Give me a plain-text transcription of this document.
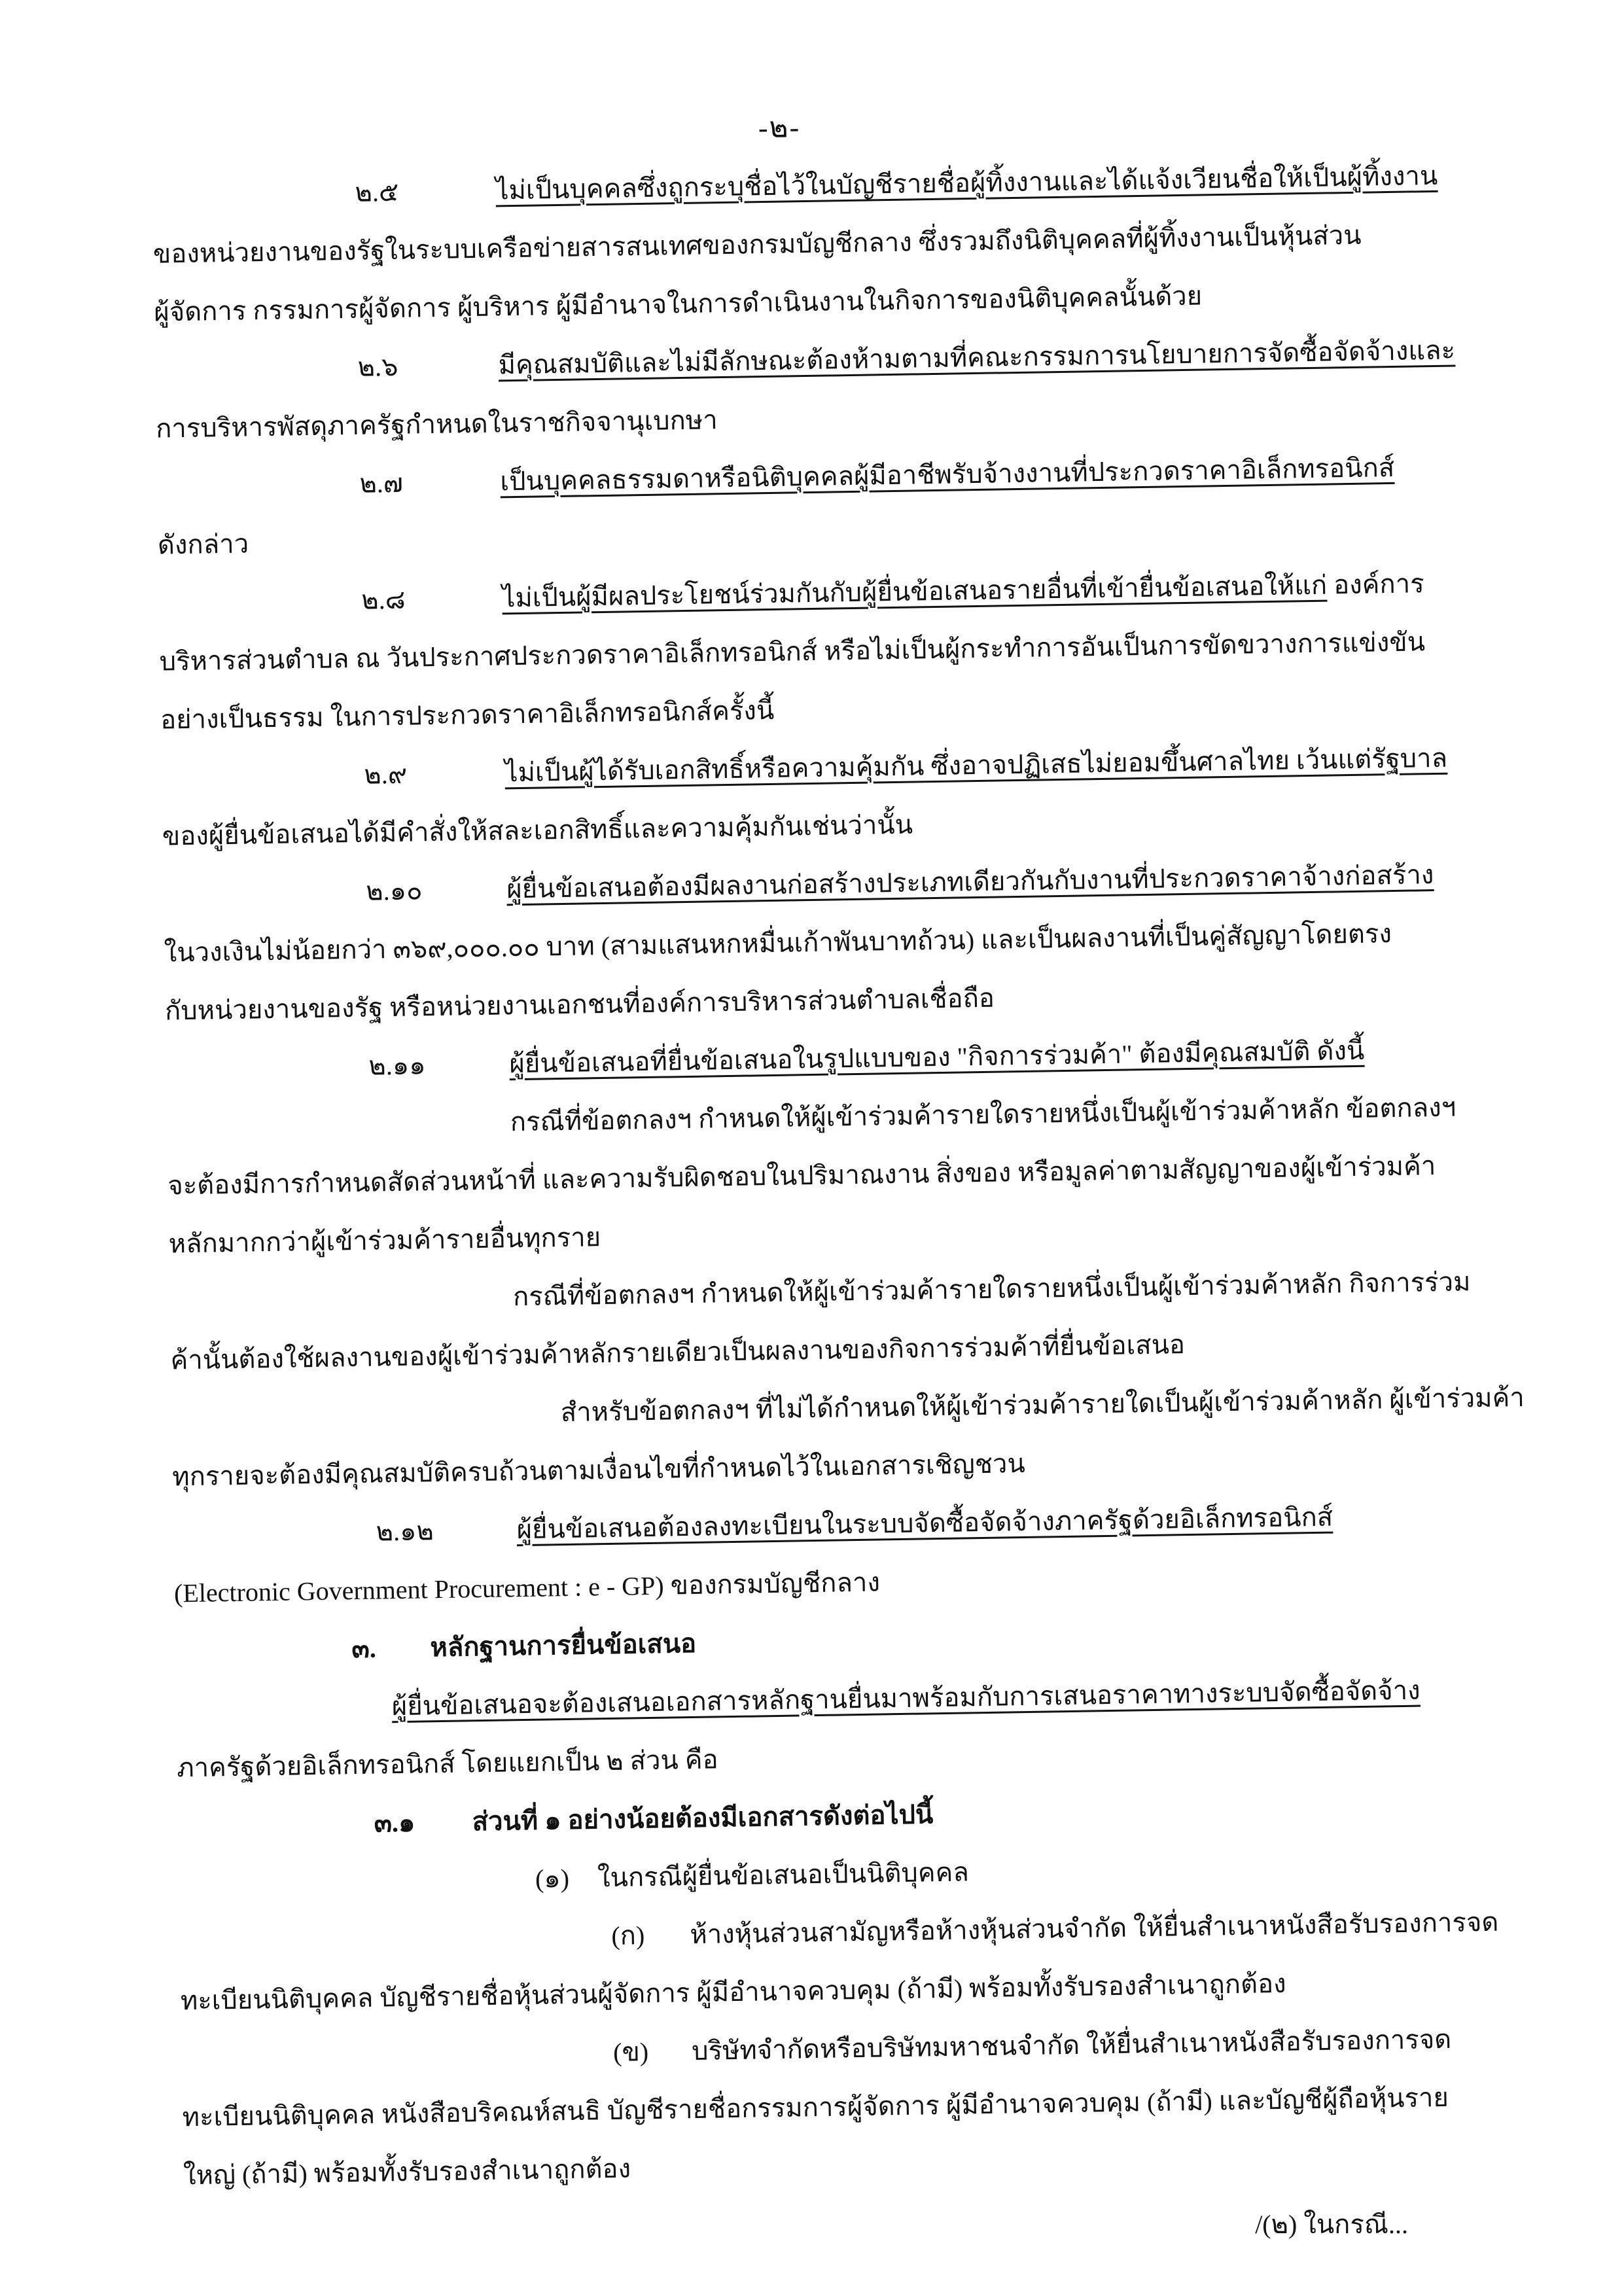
-๒-
๒.๕	ไม่เป็นบุคคลซึ่งถูกระบุชื่อไว้ในบัญชีรายชื่อผู้ทิ้งงานและได้แจ้งเวียนชื่อให้เป็นผู้ทิ้งงาน
ของหน่วยงานของรัฐในระบบเครือข่ายสารสนเทศของกรมบัญชีกลาง ซึ่งรวมถึงนิติบุคคลที่ผู้ทิ้งงานเป็นหุ้นส่วน
ผู้จัดการ กรรมการผู้จัดการ ผู้บริหาร ผู้มีอำนาจในการดำเนินงานในกิจการของนิติบุคคลนั้นด้วย
๒.๖	มีคุณสมบัติและไม่มีลักษณะต้องห้ามตามที่คณะกรรมการนโยบายการจัดซื้อจัดจ้างและ
การบริหารพัสดุภาครัฐกำหนดในราชกิจจานุเบกษา
๒.๗	เป็นบุคคลธรรมดาหรือนิติบุคคลผู้มีอาชีพรับจ้างงานที่ประกวดราคาอิเล็กทรอนิกส์
ดังกล่าว
๒.๘	ไม่เป็นผู้มีผลประโยชน์ร่วมกันกับผู้ยื่นข้อเสนอรายอื่นที่เข้ายื่นข้อเสนอให้แก่ องค์การ
บริหารส่วนตำบล ณ วันประกาศประกวดราคาอิเล็กทรอนิกส์ หรือไม่เป็นผู้กระทำการอันเป็นการขัดขวางการแข่งขัน
อย่างเป็นธรรม ในการประกวดราคาอิเล็กทรอนิกส์ครั้งนี้
๒.๙	ไม่เป็นผู้ได้รับเอกสิทธิ์หรือความคุ้มกัน ซึ่งอาจปฏิเสธไม่ยอมขึ้นศาลไทย เว้นแต่รัฐบาล
ของผู้ยื่นข้อเสนอได้มีคำสั่งให้สละเอกสิทธิ์และความคุ้มกันเช่นว่านั้น
๒.๑๐	ผู้ยื่นข้อเสนอต้องมีผลงานก่อสร้างประเภทเดียวกันกับงานที่ประกวดราคาจ้างก่อสร้าง
ในวงเงินไม่น้อยกว่า ๓๖๙,๐๐๐.๐๐ บาท (สามแสนหกหมื่นเก้าพันบาทถ้วน) และเป็นผลงานที่เป็นคู่สัญญาโดยตรง
กับหน่วยงานของรัฐ หรือหน่วยงานเอกชนที่องค์การบริหารส่วนตำบลเชื่อถือ
๒.๑๑	ผู้ยื่นข้อเสนอที่ยื่นข้อเสนอในรูปแบบของ "กิจการร่วมค้า" ต้องมีคุณสมบัติ ดังนี้
กรณีที่ข้อตกลงฯ กำหนดให้ผู้เข้าร่วมค้ารายใดรายหนึ่งเป็นผู้เข้าร่วมค้าหลัก ข้อตกลงฯ
จะต้องมีการกำหนดสัดส่วนหน้าที่ และความรับผิดชอบในปริมาณงาน สิ่งของ หรือมูลค่าตามสัญญาของผู้เข้าร่วมค้า
หลักมากกว่าผู้เข้าร่วมค้ารายอื่นทุกราย
กรณีที่ข้อตกลงฯ กำหนดให้ผู้เข้าร่วมค้ารายใดรายหนึ่งเป็นผู้เข้าร่วมค้าหลัก กิจการร่วม
ค้านั้นต้องใช้ผลงานของผู้เข้าร่วมค้าหลักรายเดียวเป็นผลงานของกิจการร่วมค้าที่ยื่นข้อเสนอ
สำหรับข้อตกลงฯ ที่ไม่ได้กำหนดให้ผู้เข้าร่วมค้ารายใดเป็นผู้เข้าร่วมค้าหลัก ผู้เข้าร่วมค้า
ทุกรายจะต้องมีคุณสมบัติครบถ้วนตามเงื่อนไขที่กำหนดไว้ในเอกสารเชิญชวน
๒.๑๒	ผู้ยื่นข้อเสนอต้องลงทะเบียนในระบบจัดซื้อจัดจ้างภาครัฐด้วยอิเล็กทรอนิกส์
(Electronic Government Procurement : e - GP) ของกรมบัญชีกลาง
๓. หลักฐานการยื่นข้อเสนอ
ผู้ยื่นข้อเสนอจะต้องเสนอเอกสารหลักฐานยื่นมาพร้อมกับการเสนอราคาทางระบบจัดซื้อจัดจ้าง
ภาครัฐด้วยอิเล็กทรอนิกส์ โดยแยกเป็น ๒ ส่วน คือ
๓.๑ ส่วนที่ ๑ อย่างน้อยต้องมีเอกสารดังต่อไปนี้
(๑) ในกรณีผู้ยื่นข้อเสนอเป็นนิติบุคคล
(ก) ห้างหุ้นส่วนสามัญหรือห้างหุ้นส่วนจำกัด ให้ยื่นสำเนาหนังสือรับรองการจด
ทะเบียนนิติบุคคล บัญชีรายชื่อหุ้นส่วนผู้จัดการ ผู้มีอำนาจควบคุม (ถ้ามี) พร้อมทั้งรับรองสำเนาถูกต้อง
(ข) บริษัทจำกัดหรือบริษัทมหาชนจำกัด ให้ยื่นสำเนาหนังสือรับรองการจด
ทะเบียนนิติบุคคล หนังสือบริคณห์สนธิ บัญชีรายชื่อกรรมการผู้จัดการ ผู้มีอำนาจควบคุม (ถ้ามี) และบัญชีผู้ถือหุ้นราย
ใหญ่ (ถ้ามี) พร้อมทั้งรับรองสำเนาถูกต้อง
/(๒) ในกรณี...
